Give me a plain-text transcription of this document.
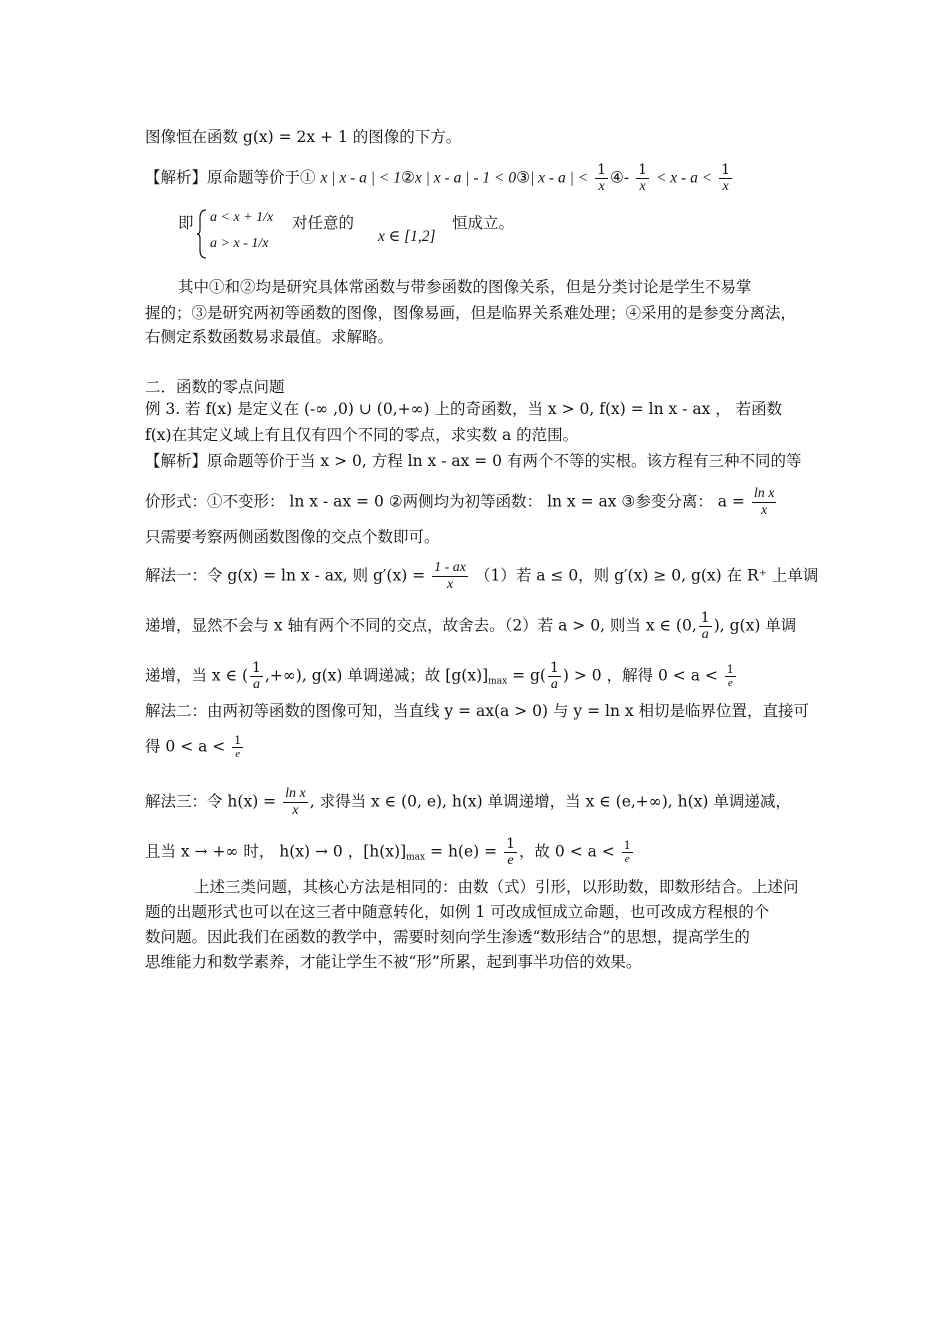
图像恒在函数 g(x) = 2x + 1 的图像的下方。
【解析】原命题等价于① x | x - a | < 1②x | x - a | - 1 < 0③| x - a | < $\frac{1}{x}$ ④- $\frac{1}{x} < x - a < \frac{1}{x}$
即 a < x + 1/x
a > x - 1/x
对任意的
x ∈ [1,2]
恒成立。
其中①和②均是研究具体常函数与带参函数的图像关系，但是分类讨论是学生不易掌
握的；③是研究两初等函数的图像，图像易画，但是临界关系难处理；④采用的是参变分离法，
右侧定系数函数易求最值。求解略。
二．函数的零点问题
例 3. 若 f(x) 是定义在 (-∞ ,0) ∪ (0,+∞) 上的奇函数，当 x > 0, f(x) = ln x - ax ， 若函数
f(x)在其定义域上有且仅有四个不同的零点，求实数 a 的范围。
【解析】原命题等价于当 x > 0, 方程 ln x - ax = 0 有两个不等的实根。该方程有三种不同的等
价形式：①不变形： ln x - ax = 0 ②两侧均为初等函数： ln x = ax ③参变分离： $a = \frac{\text{ln x}}{x}$
只需要考察两侧函数图像的交点个数即可。
解法一：令 g(x) = ln x - ax, 则 $g'(x) = \frac{1 - ax}{x} (1)$若 a ≤ 0，则 g′(x) ≥ 0, g(x) 在 R⁺ 上单调
递增，显然不会与 x 轴有两个不同的交点，故舍去。（2）若 a > 0, 则当 x ∈ (0, $\frac{1}{a}$ ), g(x) 单调
递增，当 x ∈ ( $\frac{1}{a}$ ,+∞), g(x) 单调递减；故 $[g(x)]_{max} = g( \frac{1}{a}$ ) > 0 ，解得 $0 < a < \frac{1}{e}$
解法二：由两初等函数的图像可知，当直线 y = ax(a > 0) 与 y = ln x 相切是临界位置，直接可
得 $0 < a < \frac{1}{e}$
解法三：令 $h(x) = \frac{\text{ln x}}{x}$ , 求得当 x ∈ (0, e), h(x) 单调递增，当 x ∈ (e,+∞), h(x) 单调递减，
且当 x → +∞ 时， h(x) → 0 ，$[h(x)]_{max} = h(e) = \frac{1}{e}$ ，故 $0 < a < \frac{1}{e}$
上述三类问题，其核心方法是相同的：由数（式）引形，以形助数，即数形结合。上述问
题的出题形式也可以在这三者中随意转化，如例 1 可改成恒成立命题，也可改成方程根的个
数问题。因此我们在函数的教学中，需要时刻向学生渗透“数形结合”的思想，提高学生的
思维能力和数学素养，才能让学生不被“形”所累，起到事半功倍的效果。
